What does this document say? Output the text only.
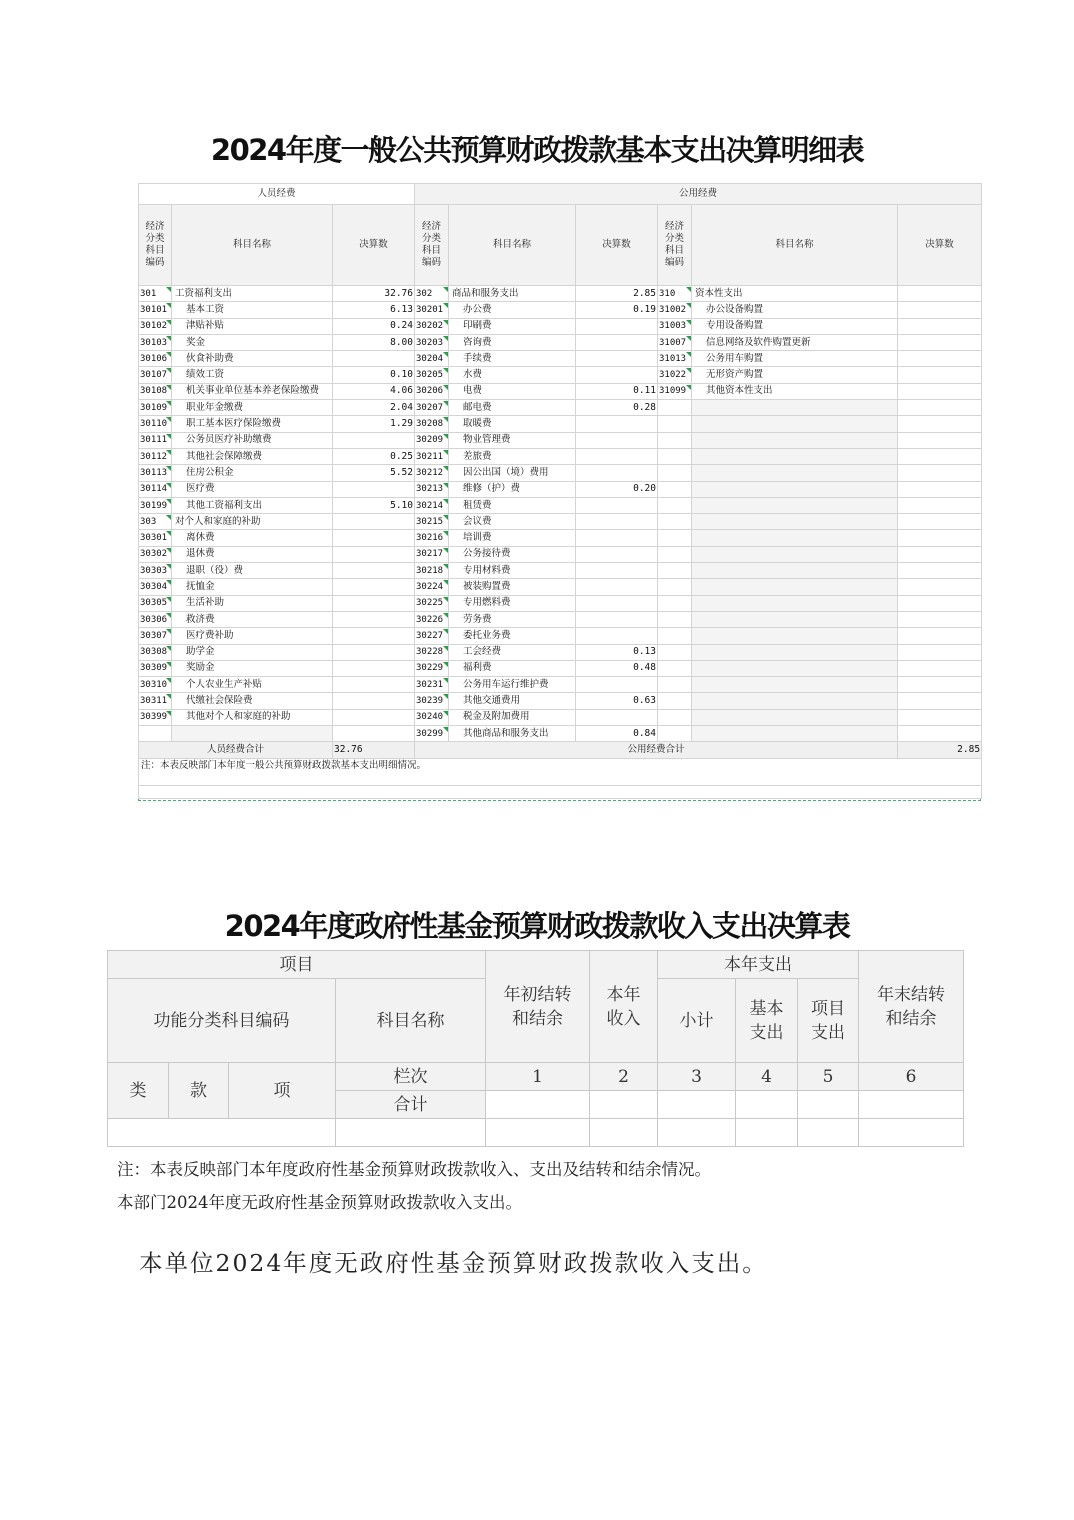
2024年度一般公共预算财政拨款基本支出决算明细表
人员经费			公用经费					
经济
分类
科目
编码	科目名称	决算数	经济
分类
科目
编码	科目名称	决算数	经济
分类
科目
编码	科目名称	决算数
301	工资福利支出	32.76	302	商品和服务支出	2.85	310	资本性支出	
30101	基本工资	6.13	30201	办公费	0.19	31002	办公设备购置	
30102	津贴补贴	0.24	30202	印刷费		31003	专用设备购置	
30103	奖金	8.00	30203	咨询费		31007	信息网络及软件购置更新	
30106	伙食补助费		30204	手续费		31013	公务用车购置	
30107	绩效工资	0.10	30205	水费		31022	无形资产购置	
30108	机关事业单位基本养老保险缴费	4.06	30206	电费	0.11	31099	其他资本性支出	
30109	职业年金缴费	2.04	30207	邮电费	0.28			
30110	职工基本医疗保险缴费	1.29	30208	取暖费				
30111	公务员医疗补助缴费		30209	物业管理费				
30112	其他社会保障缴费	0.25	30211	差旅费				
30113	住房公积金	5.52	30212	因公出国（境）费用				
30114	医疗费		30213	维修（护）费	0.20			
30199	其他工资福利支出	5.10	30214	租赁费				
303	对个人和家庭的补助		30215	会议费				
30301	离休费		30216	培训费				
30302	退休费		30217	公务接待费				
30303	退职（役）费		30218	专用材料费				
30304	抚恤金		30224	被装购置费				
30305	生活补助		30225	专用燃料费				
30306	救济费		30226	劳务费				
30307	医疗费补助		30227	委托业务费				
30308	助学金		30228	工会经费	0.13			
30309	奖励金		30229	福利费	0.48			
30310	个人农业生产补贴		30231	公务用车运行维护费				
30311	代缴社会保险费		30239	其他交通费用	0.63			
30399	其他对个人和家庭的补助		30240	税金及附加费用				
			30299	其他商品和服务支出	0.84			
人员经费合计		32.76	公用经费合计					2.85
注：本表反映部门本年度一般公共预算财政拨款基本支出明细情况。								

2024年度政府性基金预算财政拨款收入支出决算表
项目				年初结转和结余	本年收入	本年支出			年末结转和结余
功能分类科目编码			科目名称			小计	基本支出	项目支出	
类	款	项	栏次	1	2	3	4	5	6
			合计						

注：本表反映部门本年度政府性基金预算财政拨款收入、支出及结转和结余情况。
本部门2024年度无政府性基金预算财政拨款收入支出。
本单位2024年度无政府性基金预算财政拨款收入支出。
